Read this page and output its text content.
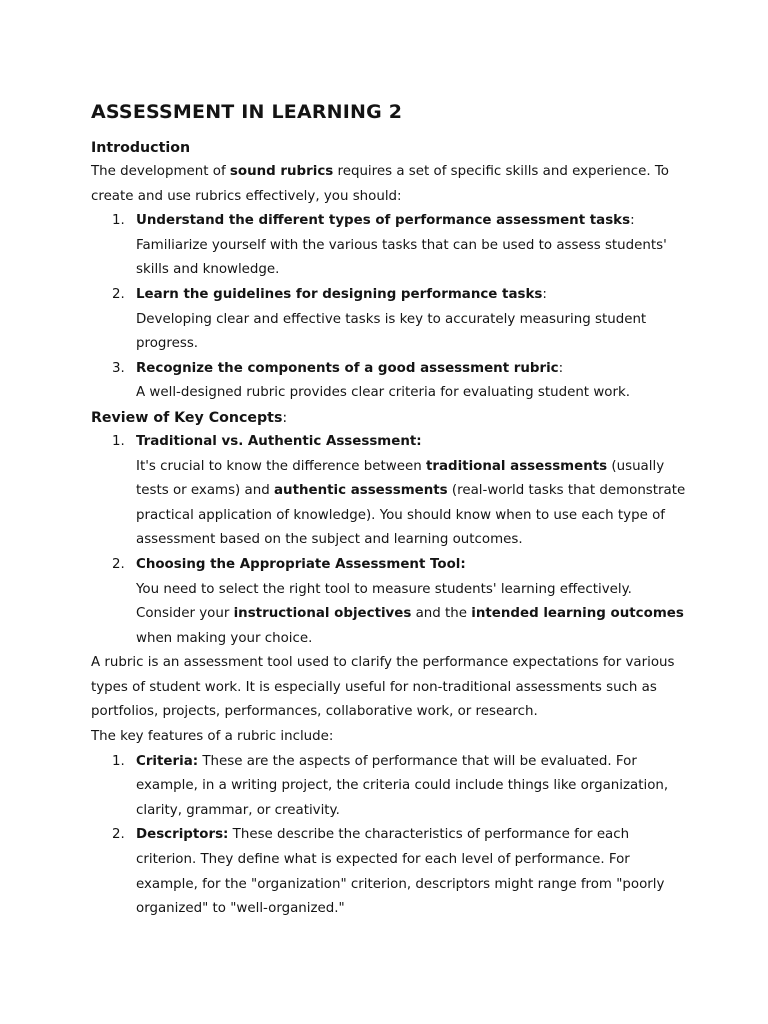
ASSESSMENT IN LEARNING 2
Introduction

The development of sound rubrics requires a set of specific skills and experience. To create and use rubrics effectively, you should:

1. Understand the different types of performance assessment tasks:
Familiarize yourself with the various tasks that can be used to assess students' skills and knowledge.
2. Learn the guidelines for designing performance tasks:
Developing clear and effective tasks is key to accurately measuring student progress.
3. Recognize the components of a good assessment rubric:
A well-designed rubric provides clear criteria for evaluating student work.
Review of Key Concepts:
1. Traditional vs. Authentic Assessment:
It's crucial to know the difference between traditional assessments (usually tests or exams) and authentic assessments (real-world tasks that demonstrate practical application of knowledge). You should know when to use each type of assessment based on the subject and learning outcomes.
2. Choosing the Appropriate Assessment Tool:
You need to select the right tool to measure students' learning effectively. Consider your instructional objectives and the intended learning outcomes when making your choice.

A rubric is an assessment tool used to clarify the performance expectations for various types of student work. It is especially useful for non-traditional assessments such as portfolios, projects, performances, collaborative work, or research.

The key features of a rubric include:

1. Criteria: These are the aspects of performance that will be evaluated. For example, in a writing project, the criteria could include things like organization, clarity, grammar, or creativity.
2. Descriptors: These describe the characteristics of performance for each criterion. They define what is expected for each level of performance. For example, for the "organization" criterion, descriptors might range from "poorly organized" to "well-organized."
